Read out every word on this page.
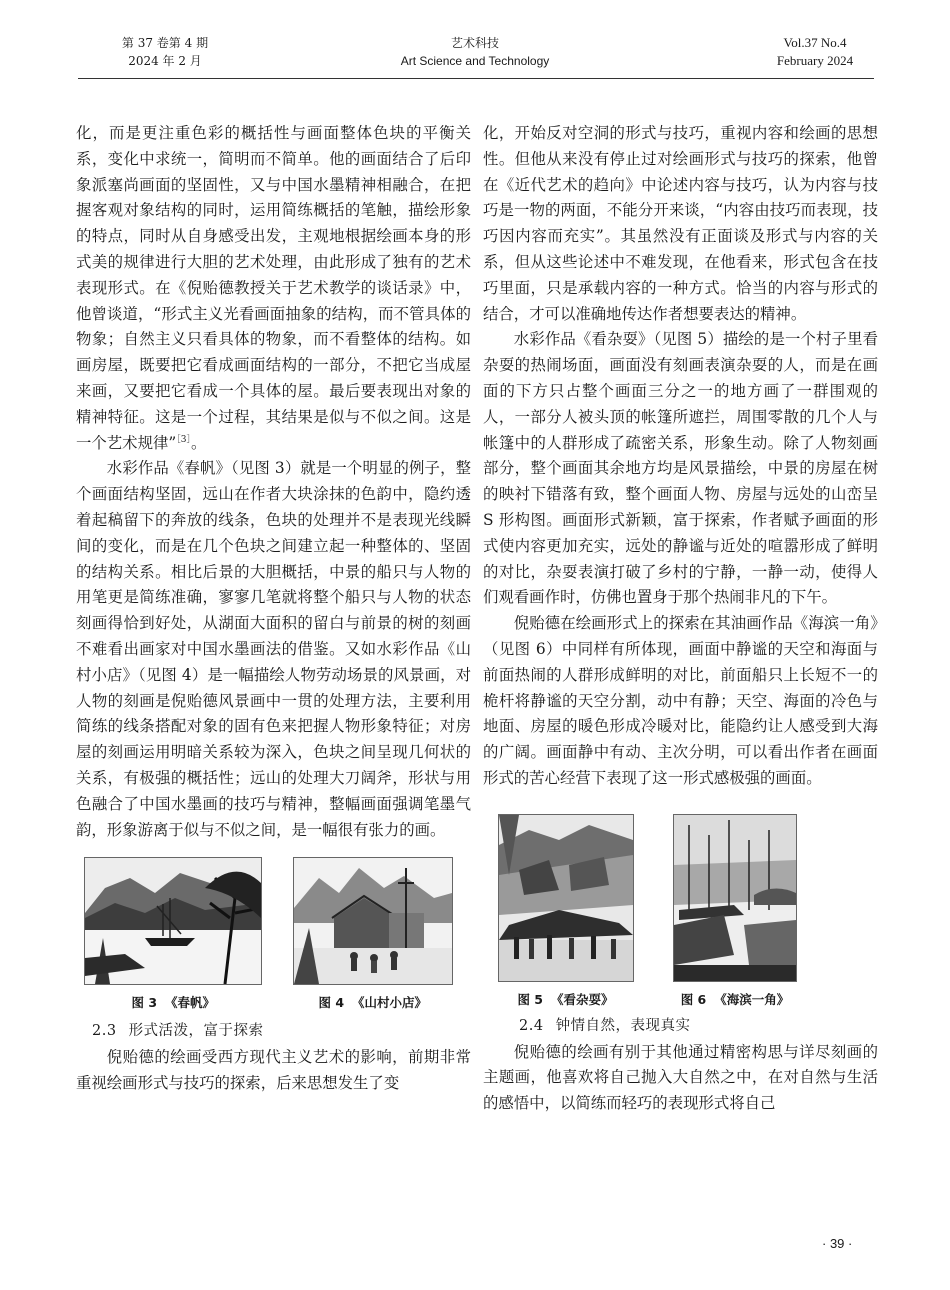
第 37 卷第 4 期
2024 年 2 月
艺术科技
Art Science and Technology
Vol.37 No.4
February 2024

化，而是更注重色彩的概括性与画面整体色块的平衡关系，变化中求统一，简明而不简单。他的画面结合了后印象派塞尚画面的坚固性，又与中国水墨精神相融合，在把握客观对象结构的同时，运用简练概括的笔触，描绘形象的特点，同时从自身感受出发，主观地根据绘画本身的形式美的规律进行大胆的艺术处理，由此形成了独有的艺术表现形式。在《倪贻德教授关于艺术教学的谈话录》中，他曾谈道，“形式主义光看画面抽象的结构，而不管具体的物象；自然主义只看具体的物象，而不看整体的结构。如画房屋，既要把它看成画面结构的一部分，不把它当成屋来画，又要把它看成一个具体的屋。最后要表现出对象的精神特征。这是一个过程，其结果是似与不似之间。这是一个艺术规律”$^{[3]}$。

水彩作品《春帆》（见图 3）就是一个明显的例子，整个画面结构坚固，远山在作者大块涂抹的色韵中，隐约透着起稿留下的奔放的线条，色块的处理并不是表现光线瞬间的变化，而是在几个色块之间建立起一种整体的、坚固的结构关系。相比后景的大胆概括，中景的船只与人物的用笔更是简练准确，寥寥几笔就将整个船只与人物的状态刻画得恰到好处，从湖面大面积的留白与前景的树的刻画不难看出画家对中国水墨画法的借鉴。又如水彩作品《山村小店》（见图 4）是一幅描绘人物劳动场景的风景画，对人物的刻画是倪贻德风景画中一贯的处理方法，主要利用简练的线条搭配对象的固有色来把握人物形象特征；对房屋的刻画运用明暗关系较为深入，色块之间呈现几何状的关系，有极强的概括性；远山的处理大刀阔斧，形状与用色融合了中国水墨画的技巧与精神，整幅画面强调笔墨气韵，形象游离于似与不似之间，是一幅很有张力的画。

图 3 《春帆》	图 4 《山村小店》

2.3 形式活泼，富于探索

倪贻德的绘画受西方现代主义艺术的影响，前期非常重视绘画形式与技巧的探索，后来思想发生了变

化，开始反对空洞的形式与技巧，重视内容和绘画的思想性。但他从来没有停止过对绘画形式与技巧的探索，他曾在《近代艺术的趋向》中论述内容与技巧，认为内容与技巧是一物的两面，不能分开来谈，“内容由技巧而表现，技巧因内容而充实”。其虽然没有正面谈及形式与内容的关系，但从这些论述中不难发现，在他看来，形式包含在技巧里面，只是承载内容的一种方式。恰当的内容与形式的结合，才可以准确地传达作者想要表达的精神。

水彩作品《看杂耍》（见图 5）描绘的是一个村子里看杂耍的热闹场面，画面没有刻画表演杂耍的人，而是在画面的下方只占整个画面三分之一的地方画了一群围观的人，一部分人被头顶的帐篷所遮拦，周围零散的几个人与帐篷中的人群形成了疏密关系，形象生动。除了人物刻画部分，整个画面其余地方均是风景描绘，中景的房屋在树的映衬下错落有致，整个画面人物、房屋与远处的山峦呈 S 形构图。画面形式新颖，富于探索，作者赋予画面的形式使内容更加充实，远处的静谧与近处的喧嚣形成了鲜明的对比，杂耍表演打破了乡村的宁静，一静一动，使得人们观看画作时，仿佛也置身于那个热闹非凡的下午。

倪贻德在绘画形式上的探索在其油画作品《海滨一角》（见图 6）中同样有所体现，画面中静谧的天空和海面与前面热闹的人群形成鲜明的对比，前面船只上长短不一的桅杆将静谧的天空分割，动中有静；天空、海面的冷色与地面、房屋的暖色形成冷暖对比，能隐约让人感受到大海的广阔。画面静中有动、主次分明，可以看出作者在画面形式的苦心经营下表现了这一形式感极强的画面。

图 5 《看杂耍》	图 6 《海滨一角》

2.4 钟情自然，表现真实

倪贻德的绘画有别于其他通过精密构思与详尽刻画的主题画，他喜欢将自己抛入大自然之中，在对自然与生活的感悟中，以简练而轻巧的表现形式将自己

· 39 ·
